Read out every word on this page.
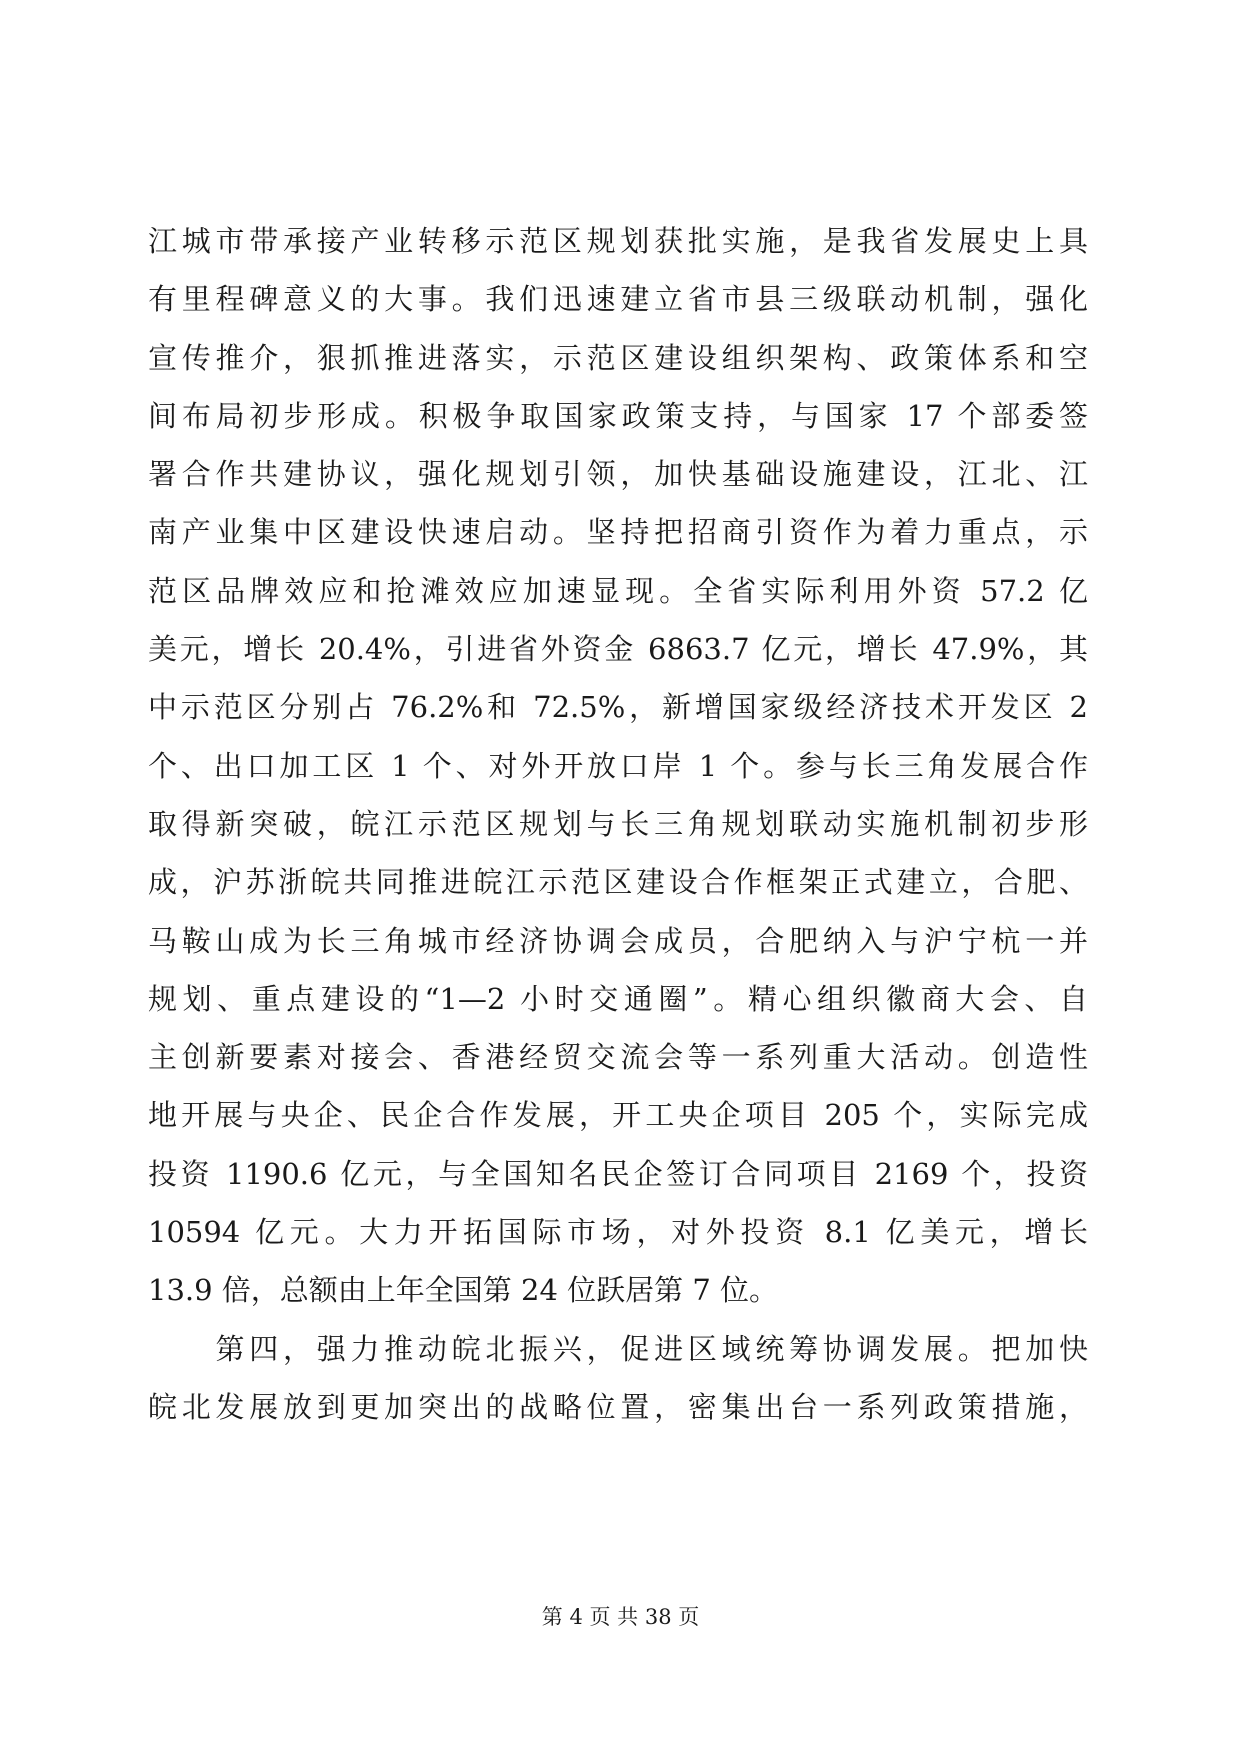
江城市带承接产业转移示范区规划获批实施，是我省发展史上具
有里程碑意义的大事。我们迅速建立省市县三级联动机制，强化
宣传推介，狠抓推进落实，示范区建设组织架构、政策体系和空
间布局初步形成。积极争取国家政策支持，与国家 17 个部委签
署合作共建协议，强化规划引领，加快基础设施建设，江北、江
南产业集中区建设快速启动。坚持把招商引资作为着力重点，示
范区品牌效应和抢滩效应加速显现。全省实际利用外资 57.2 亿
美元，增长 20.4%，引进省外资金 6863.7 亿元，增长 47.9%，其
中示范区分别占 76.2%和 72.5%，新增国家级经济技术开发区 2
个、出口加工区 1 个、对外开放口岸 1 个。参与长三角发展合作
取得新突破，皖江示范区规划与长三角规划联动实施机制初步形
成，沪苏浙皖共同推进皖江示范区建设合作框架正式建立，合肥、
马鞍山成为长三角城市经济协调会成员，合肥纳入与沪宁杭一并
规划、重点建设的“1—2 小时交通圈”。精心组织徽商大会、自
主创新要素对接会、香港经贸交流会等一系列重大活动。创造性
地开展与央企、民企合作发展，开工央企项目 205 个，实际完成
投资 1190.6 亿元，与全国知名民企签订合同项目 2169 个，投资
10594 亿元。大力开拓国际市场，对外投资 8.1 亿美元，增长
13.9 倍，总额由上年全国第 24 位跃居第 7 位。
　　第四，强力推动皖北振兴，促进区域统筹协调发展。把加快
皖北发展放到更加突出的战略位置，密集出台一系列政策措施，
第 4 页 共 38 页
